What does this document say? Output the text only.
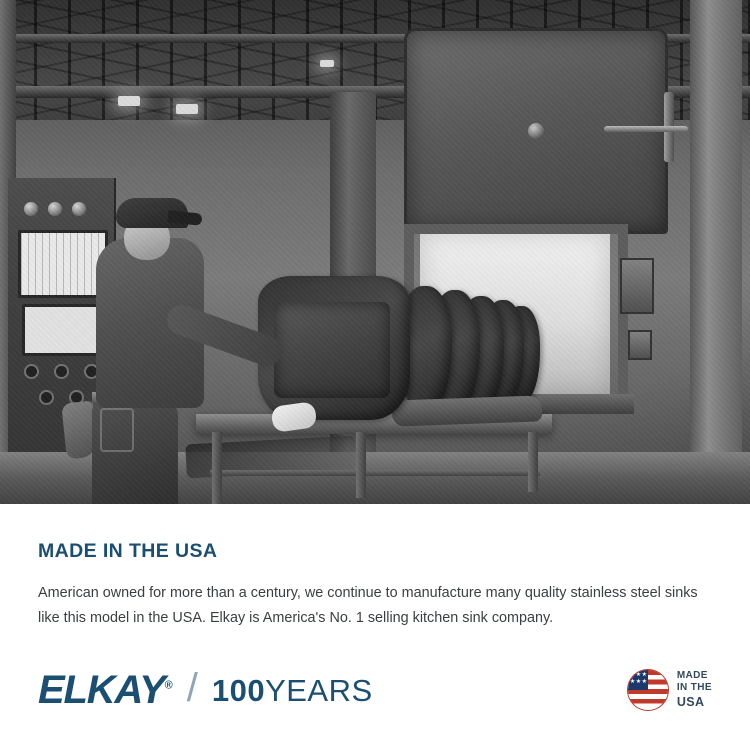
MADE IN THE USA

American owned for more than a century, we continue to manufacture many quality stainless steel sinks like this model in the USA. Elkay is America's No. 1 selling kitchen sink company.

ELKAY® / 100YEARS ★★★ ★★★	MADE
IN THE
USA
